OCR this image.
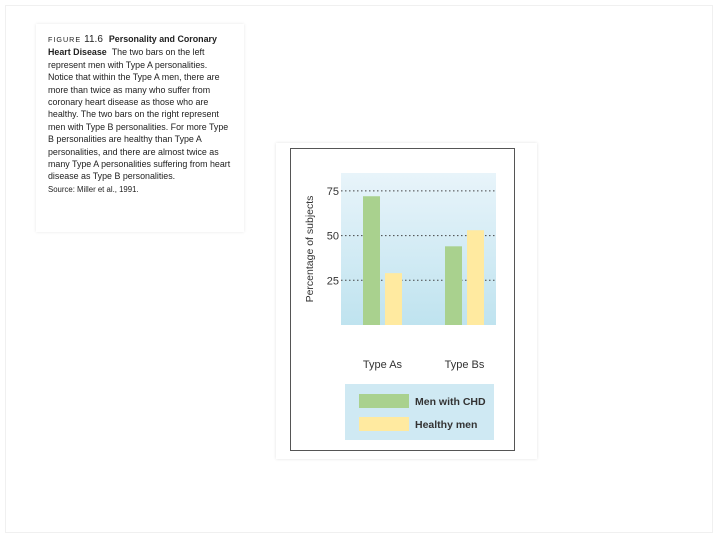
FIGURE 11.6 Personality and Coronary Heart Disease The two bars on the left represent men with Type A personalities. Notice that within the Type A men, there are more than twice as many who suffer from coronary heart disease as those who are healthy. The two bars on the right represent men with Type B personalities. For more Type B personalities are healthy than Type A personalities, and there are almost twice as many Type A personalities suffering from heart disease as Type B personalities.
Source: Miller et al., 1991.
25
50
75
Percentage of subjects
Type As	Type Bs
Men with CHD
Healthy men
